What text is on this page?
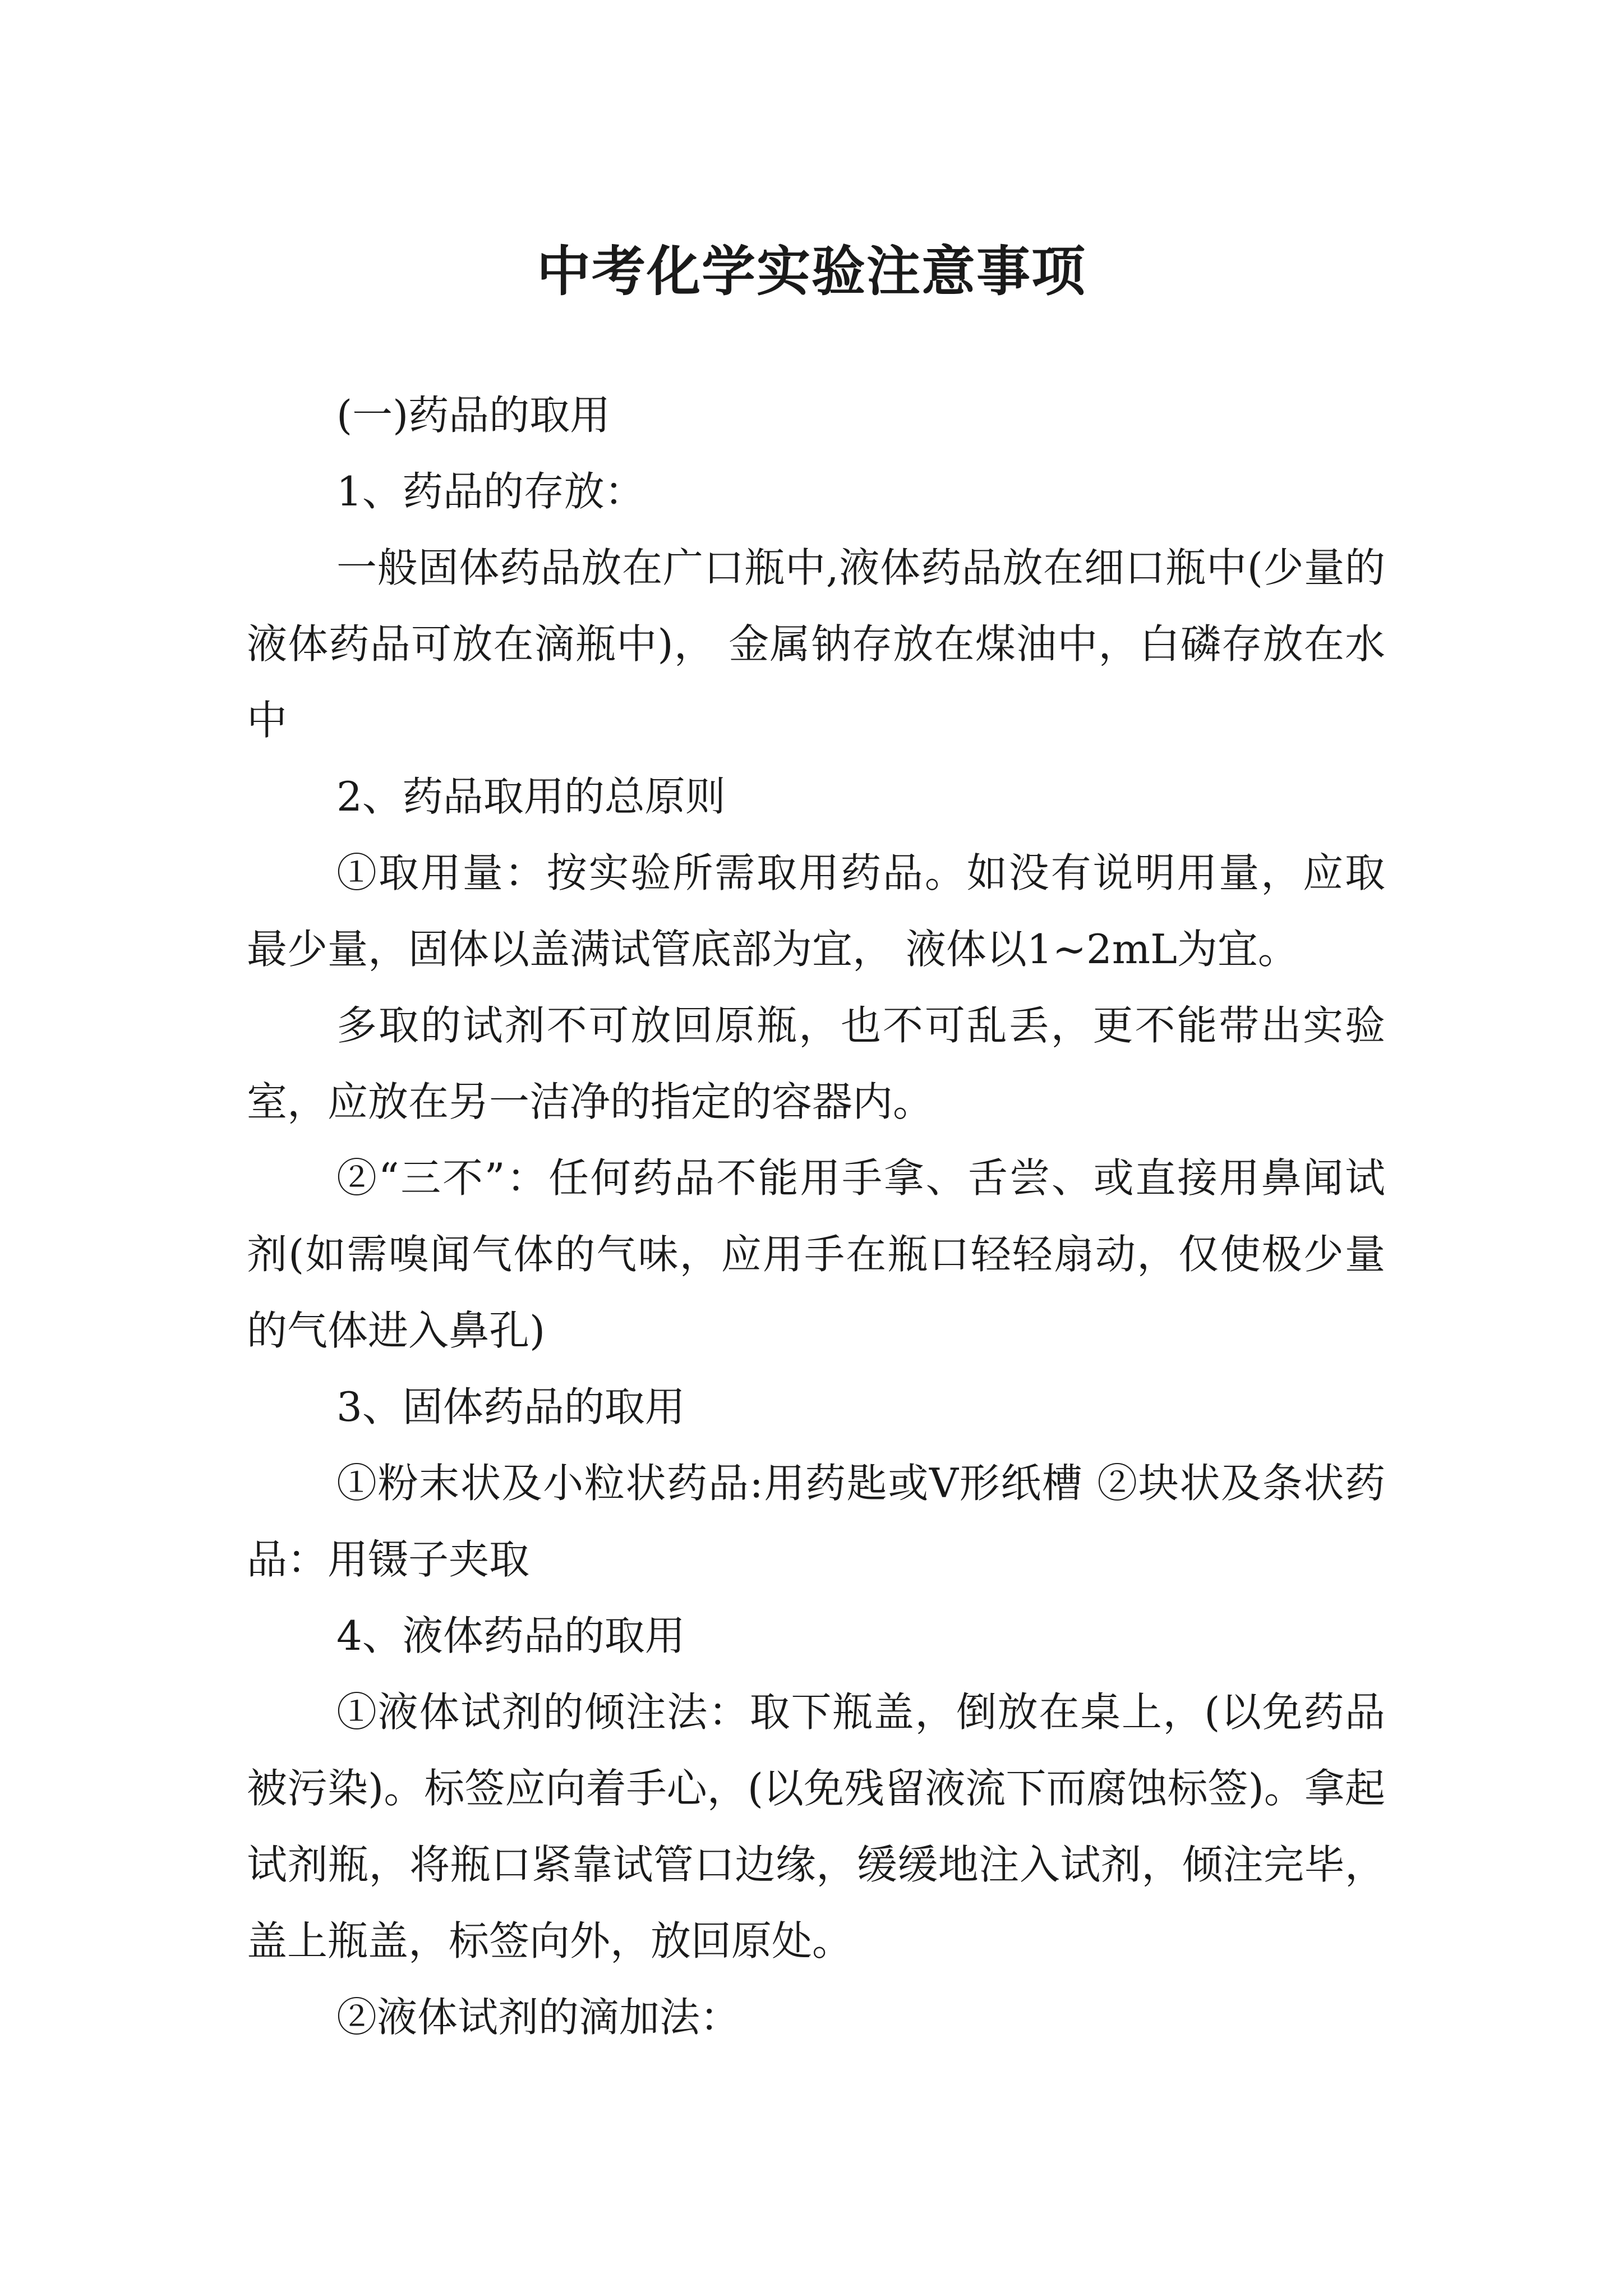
中考化学实验注意事项

(一)药品的取用

1、药品的存放：

一般固体药品放在广口瓶中,液体药品放在细口瓶中(少量的液体药品可放在滴瓶中)， 金属钠存放在煤油中，白磷存放在水中

2、药品取用的总原则

①取用量：按实验所需取用药品。如没有说明用量，应取最少量，固体以盖满试管底部为宜， 液体以1~2mL为宜。

多取的试剂不可放回原瓶，也不可乱丢，更不能带出实验室，应放在另一洁净的指定的容器内。

②“三不”：任何药品不能用手拿、舌尝、或直接用鼻闻试剂(如需嗅闻气体的气味，应用手在瓶口轻轻扇动，仅使极少量的气体进入鼻孔)

3、固体药品的取用

①粉末状及小粒状药品:用药匙或V形纸槽 ②块状及条状药品：用镊子夹取

4、液体药品的取用

①液体试剂的倾注法：取下瓶盖，倒放在桌上，(以免药品被污染)。标签应向着手心，(以免残留液流下而腐蚀标签)。拿起试剂瓶，将瓶口紧靠试管口边缘，缓缓地注入试剂，倾注完毕，盖上瓶盖，标签向外，放回原处。

②液体试剂的滴加法：
